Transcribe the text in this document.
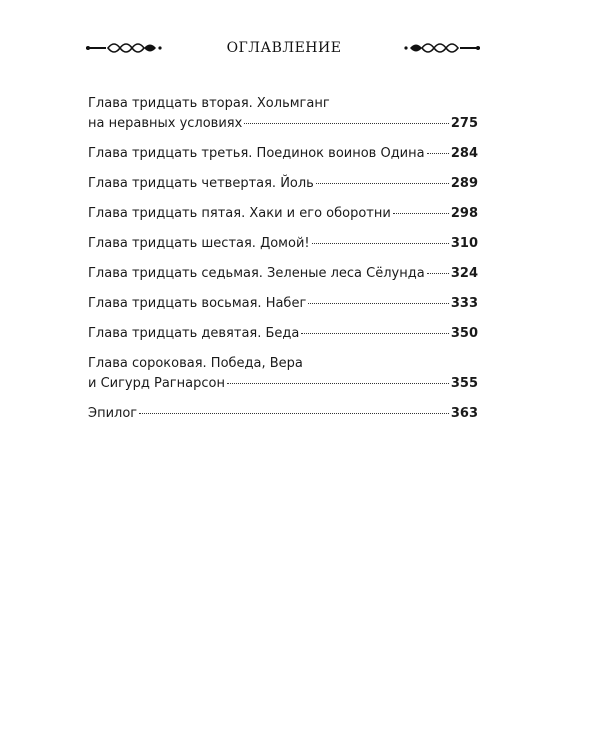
ОГЛАВЛЕНИЕ
Глава тридцать вторая. Хольмганг
на неравных условиях	275
Глава тридцать третья. Поединок воинов Одина 284
Глава тридцать четвертая. Йоль	289
Глава тридцать пятая. Хаки и его оборотни	298
Глава тридцать шестая. Домой!	310
Глава тридцать седьмая. Зеленые леса Сёлунда 324
Глава тридцать восьмая. Набег	333
Глава тридцать девятая. Беда	350
Глава сороковая. Победа, Вера
и Сигурд Рагнарсон	355
Эпилог	363
